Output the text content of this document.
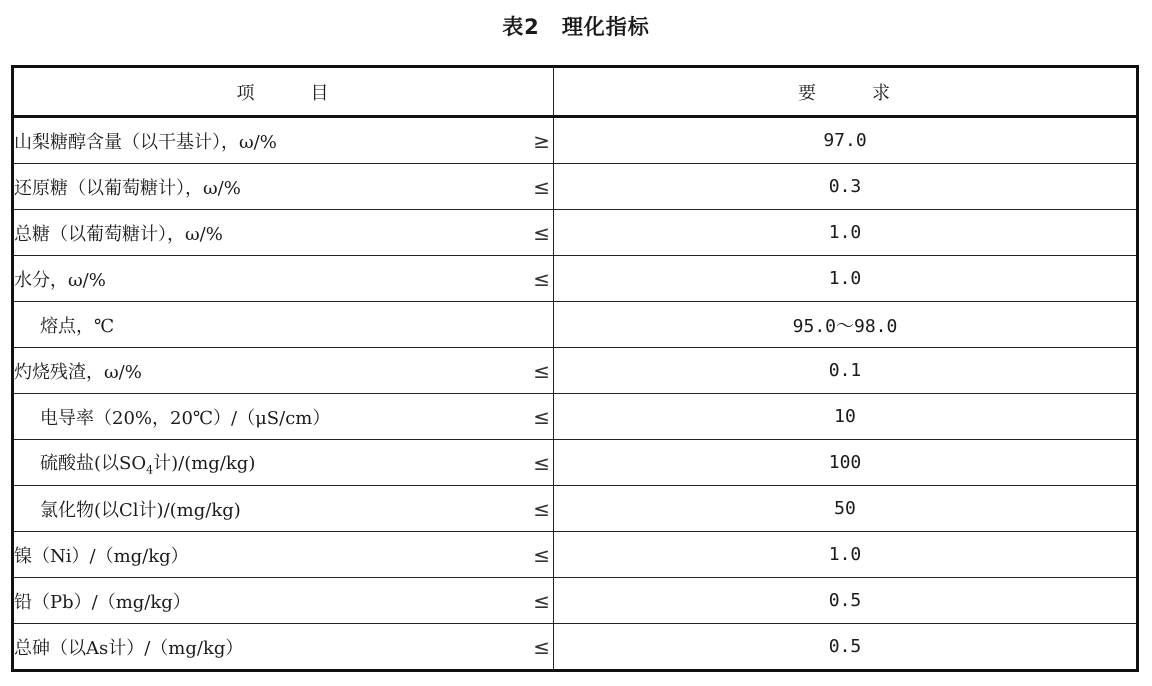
表2 理化指标
项 目	要 求
山梨糖醇含量（以干基计），ω/% ≥	97.0
还原糖（以葡萄糖计），ω/% ≤	0.3
总糖（以葡萄糖计），ω/% ≤	1.0
水分，ω/% ≤	1.0
熔点，℃	95.0～98.0
灼烧残渣，ω/% ≤	0.1
电导率（20%，20℃）/（μS/cm） ≤	10
硫酸盐(以$SO_4$计)/(mg/kg) ≤	100
氯化物(以Cl计)/(mg/kg) ≤	50
镍（Ni）/（mg/kg） ≤	1.0
铅（Pb）/（mg/kg） ≤	0.5
总砷（以As计）/（mg/kg） ≤	0.5
